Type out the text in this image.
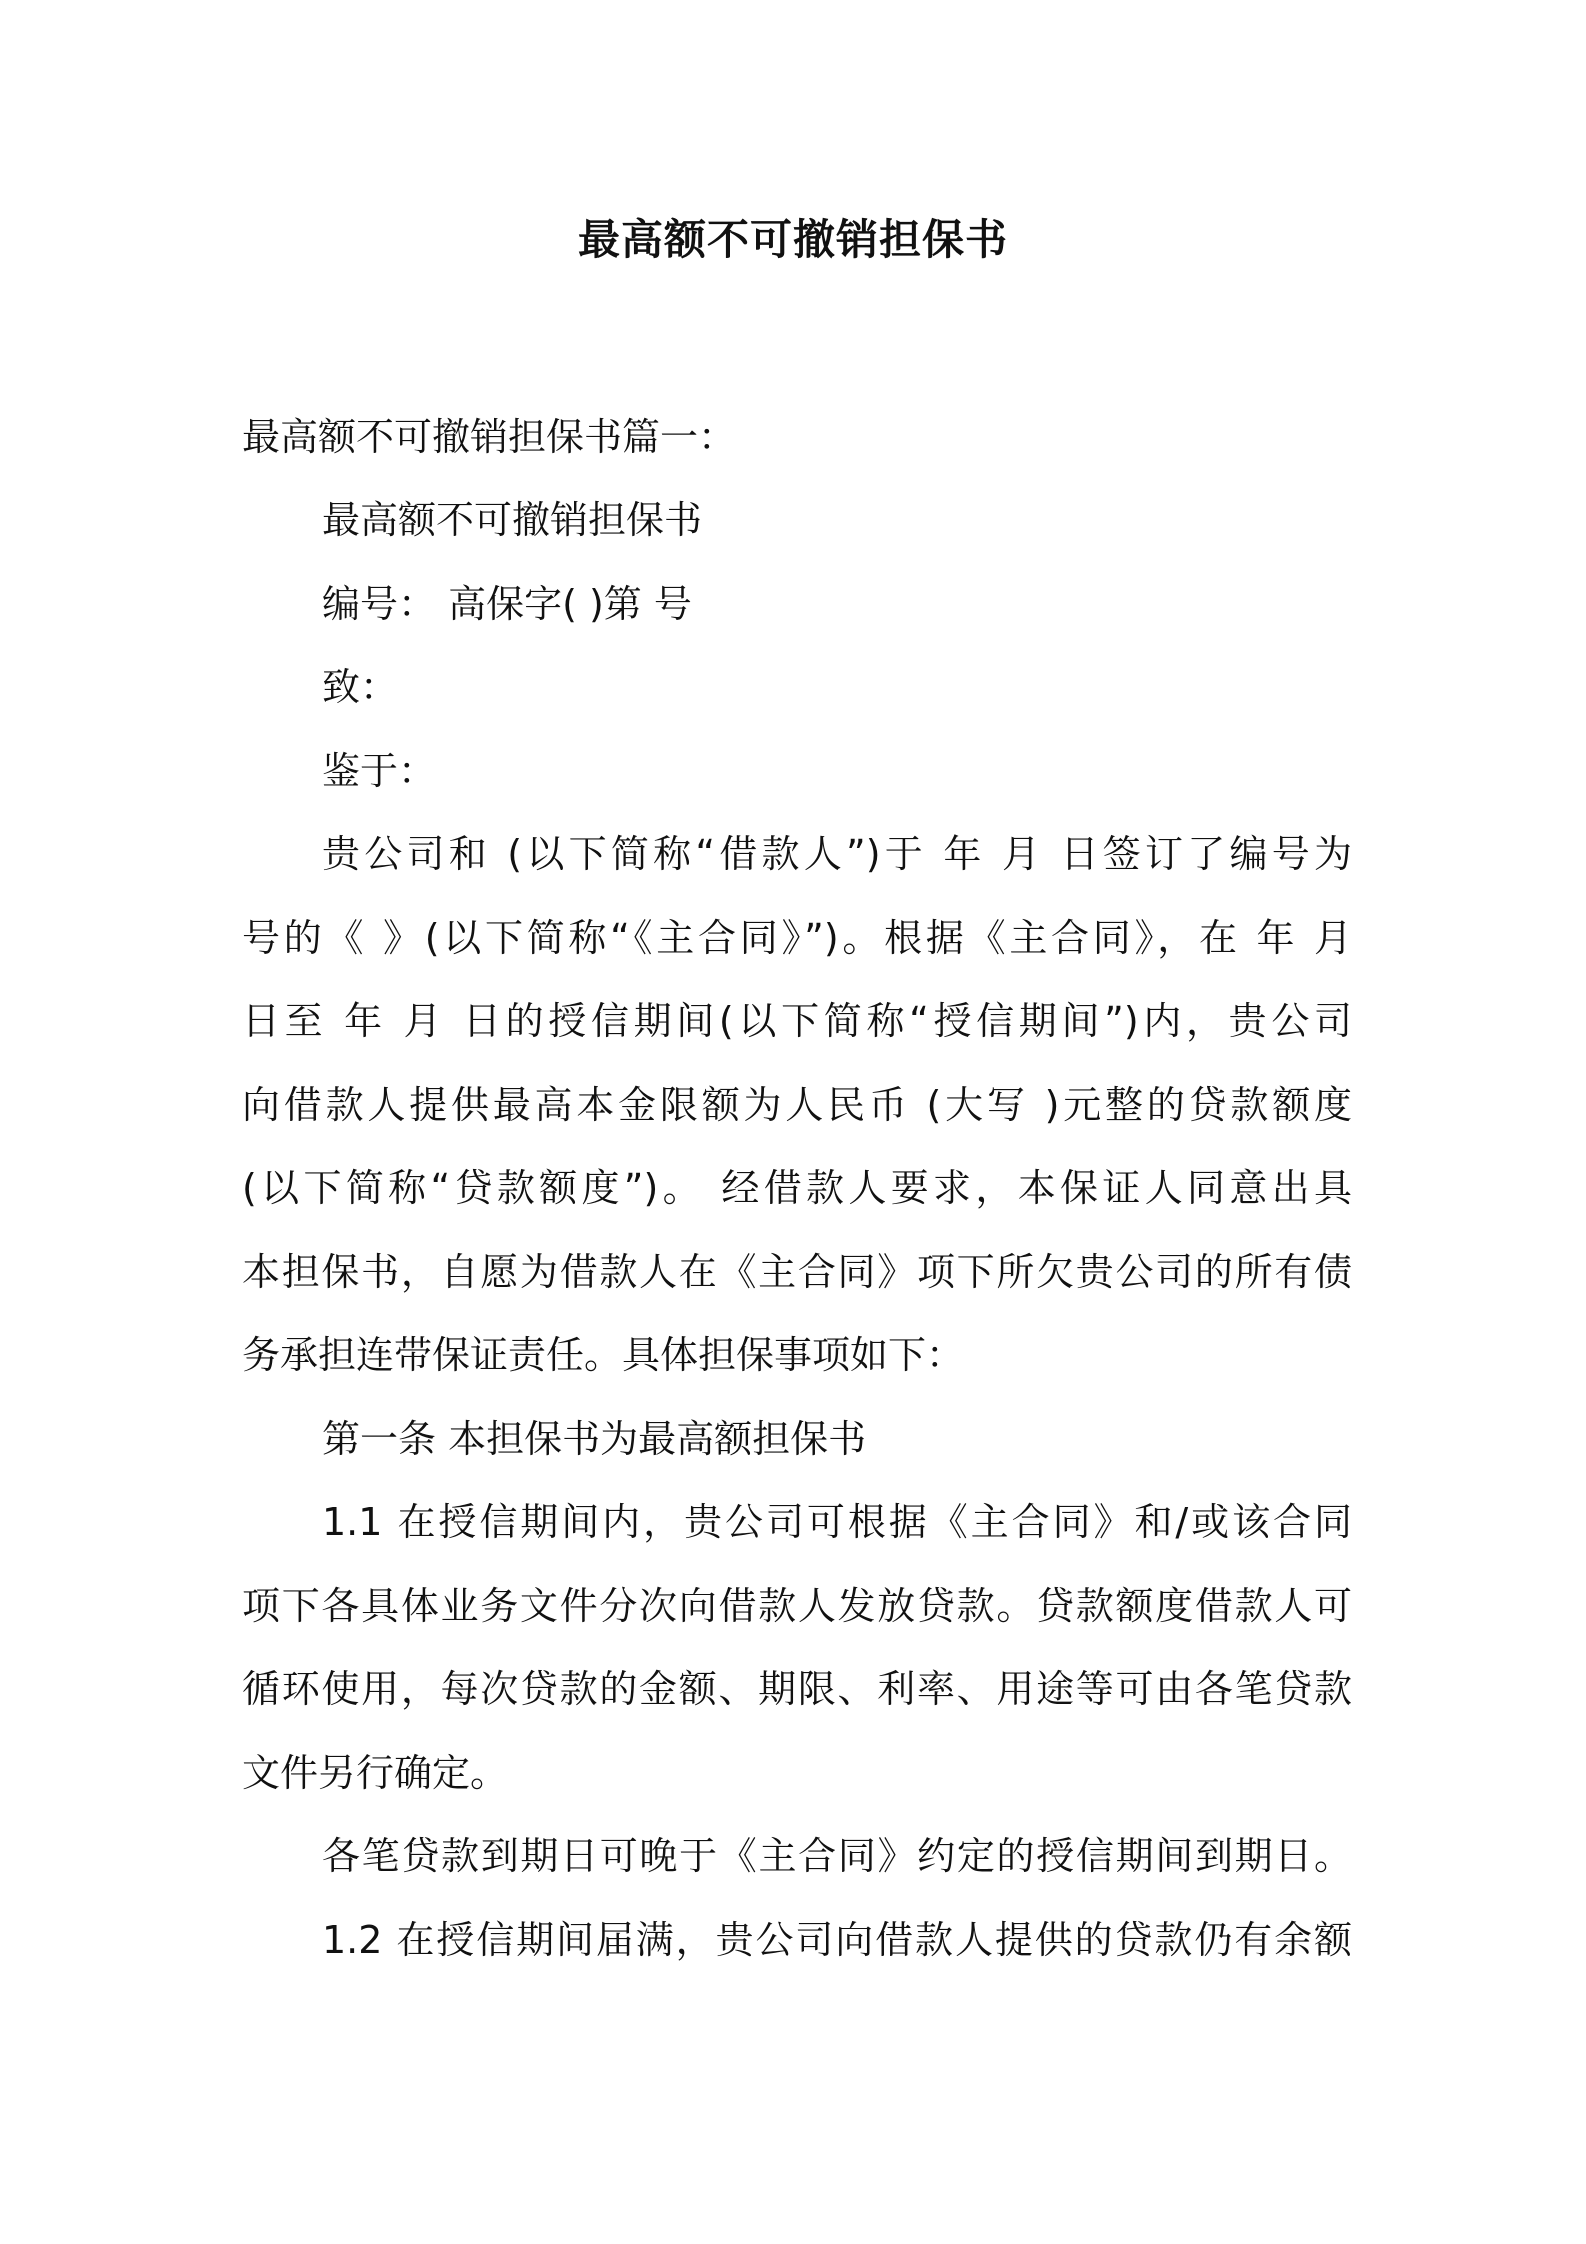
最高额不可撤销担保书
最高额不可撤销担保书篇一：
最高额不可撤销担保书
编号： 高保字( )第 号
致：
鉴于：
贵公司和 (以下简称“借款人”)于 年 月 日签订了编号为
号的《 》(以下简称“《主合同》”)。根据《主合同》，在 年 月
日至 年 月 日的授信期间(以下简称“授信期间”)内，贵公司
向借款人提供最高本金限额为人民币 (大写 )元整的贷款额度
(以下简称“贷款额度”)。 经借款人要求，本保证人同意出具
本担保书，自愿为借款人在《主合同》项下所欠贵公司的所有债
务承担连带保证责任。具体担保事项如下：
第一条 本担保书为最高额担保书
1.1 在授信期间内，贵公司可根据《主合同》和/或该合同
项下各具体业务文件分次向借款人发放贷款。贷款额度借款人可
循环使用，每次贷款的金额、期限、利率、用途等可由各笔贷款
文件另行确定。
各笔贷款到期日可晚于《主合同》约定的授信期间到期日。
1.2 在授信期间届满，贵公司向借款人提供的贷款仍有余额
